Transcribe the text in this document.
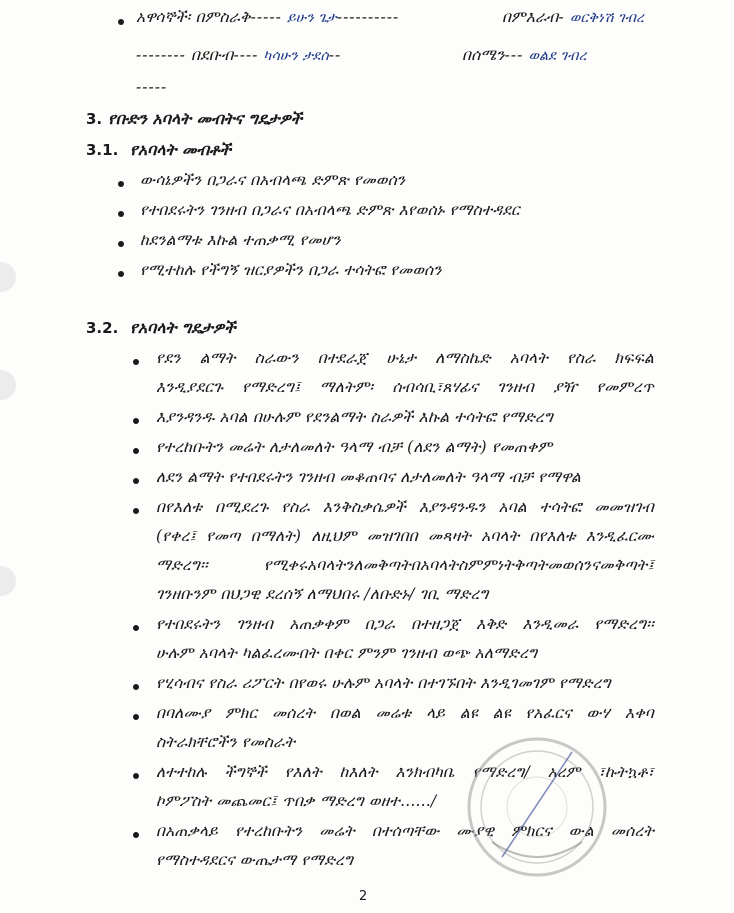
አዋሳኞች፡ በምስራቅ----- ይሁን ጌታ----------	በምእራብ- ወርቅነሽ ገብረ
-------- በደቡብ---- ካሳሁን ታደሰ--	በሰሜን--- ወልደ ገብረ
-----
3. የቡድን አባላት መብትና ግዴታዎች
3.1. የአባላት መብቶች
ውሳኔዎችን በጋራና በአብላጫ ድምጽ የመወሰን
የተበደሩትን ገንዘብ በጋራና በአብላጫ ድምጽ እየወሰኑ የማስተዳደር
ከደንልማቱ እኩል ተጠቃሚ የመሆን
የሚተከሉ የችግኝ ዝርያዎችን በጋራ ተሳትፎ የመወሰን
3.2. የአባላት ግዴታዎች
የደን ልማት ስራውን በተደራጀ ሁኔታ ለማስኬድ አባላት የስራ ክፍፍል
እንዲያደርጉ የማድረግ፤ ማለትም፡ ሰብሳቢ፣ጸሃፊና ገንዘብ ያዥ የመምረጥ
እያንዳንዱ አባል በሁሉም የደንልማት ስራዎች እኩል ተሳትፎ የማድረግ
የተረከቡትን መሬት ለታለመለት ዓላማ ብቻ (ለደን ልማት) የመጠቀም
ለደን ልማት የተበደሩትን ገንዘብ መቆጠባና ለታለመለት ዓላማ ብቻ የማዋል
በየእለቱ በሚደረጉ የስራ እንቅስቃሴዎች እያንዳንዱን አባል ተሳትፎ መመዝገብ
(የቀረ፤ የመጣ በማለት) ለዚህም መዝገበበ መጻዛት አባላት በየእለቱ እንዲፈርሙ
ማድረግ፡፡ የሚቀሩአባላትንለመቅጣትበአባላትስምምነትቅጣትመወሰንናመቅጣት፤
ገንዘቡንም በህጋዊ ደረሰኝ ለማህበሩ /ለቡድኑ/ ገቢ ማድረግ
የተበደሩትን ገንዘብ አጠቃቀም በጋራ በተዘጋጀ እቅድ እንዲመራ የማድረግ፡፡
ሁሉም አባላት ካልፈረሙበት በቀር ምንም ገንዘብ ወጭ አለማድረግ
የሂሳብና የስራ ሪፖርት በየወሩ ሁሉም አባላት በተገኙበት እንዲገመገም የማድረግ
በባለሙያ ምክር መሰረት በወል መሬቱ ላይ ልዩ ልዩ የአፈርና ውሃ እቀባ
ስትራክቸሮችን የመስራት
ለተተከሉ ችግኞች የእለት ከእለት እንክብካቤ የማድረግ/ አረም ፣ኩትኳቶ፣
ኮምፖስት መጨመር፤ ጥበቃ ማድረግ ወዘተ....../
በአጠቃላይ የተረከቡትን መሬት በተሰጣቸው ሙያዊ ምክርና ውል መሰረት
የማስተዳደርና ውጤታማ የማድረግ
2
